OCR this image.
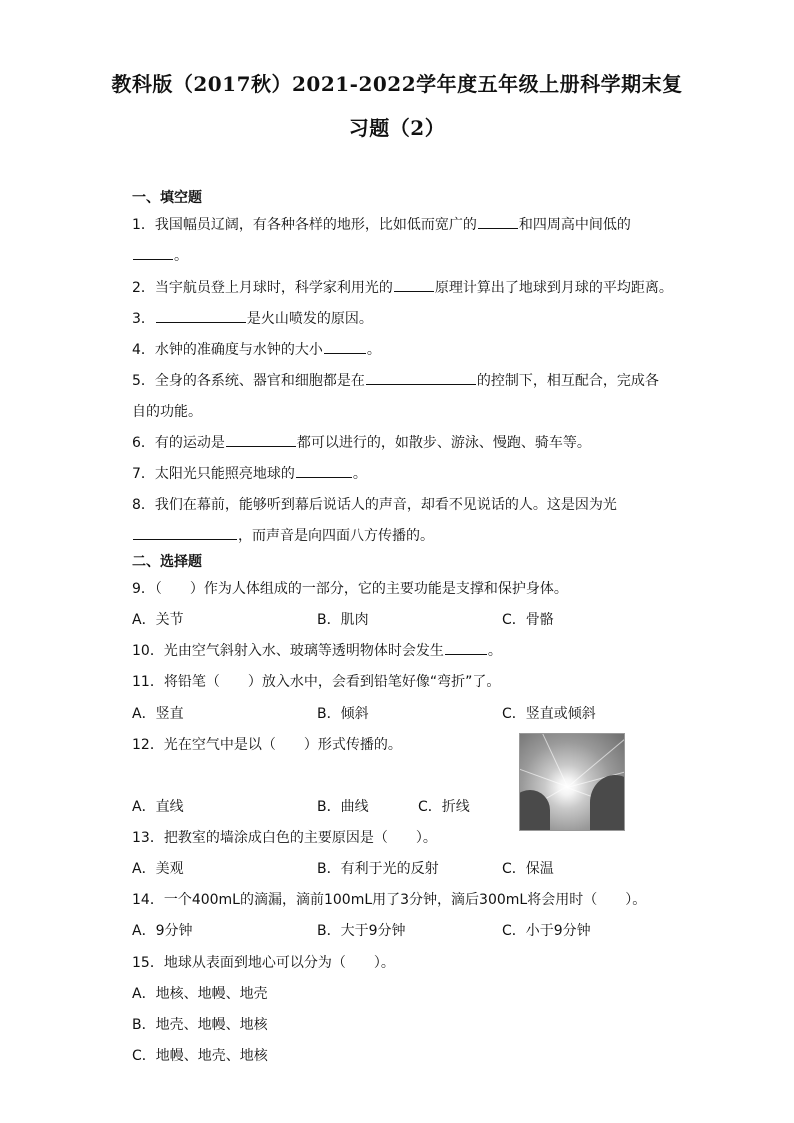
教科版（2017秋）2021-2022学年度五年级上册科学期末复
习题（2）
一、填空题
1．我国幅员辽阔，有各种各样的地形，比如低而宽广的	和四周高中间低的
。
2．当宇航员登上月球时，科学家利用光的	原理计算出了地球到月球的平均距离。
3．	是火山喷发的原因。
4．水钟的准确度与水钟的大小	。
5．全身的各系统、器官和细胞都是在	的控制下，相互配合，完成各
自的功能。
6．有的运动是	都可以进行的，如散步、游泳、慢跑、骑车等。
7．太阳光只能照亮地球的	。
8．我们在幕前，能够听到幕后说话人的声音，却看不见说话的人。这是因为光
，而声音是向四面八方传播的。
二、选择题
9．（　　）作为人体组成的一部分，它的主要功能是支撑和保护身体。
A．关节	B．肌肉	C．骨骼
10．光由空气斜射入水、玻璃等透明物体时会发生	。
11．将铅笔（　　）放入水中，会看到铅笔好像“弯折”了。
A．竖直	B．倾斜	C．竖直或倾斜
12．光在空气中是以（　　）形式传播的。
A．直线	B．曲线	C．折线
13．把教室的墙涂成白色的主要原因是（　　）。
A．美观	B．有利于光的反射	C．保温
14．一个400mL的滴漏，滴前100mL用了3分钟，滴后300mL将会用时（　　）。
A．9分钟	B．大于9分钟	C．小于9分钟
15．地球从表面到地心可以分为（　　）。
A．地核、地幔、地壳
B．地壳、地幔、地核
C．地幔、地壳、地核
